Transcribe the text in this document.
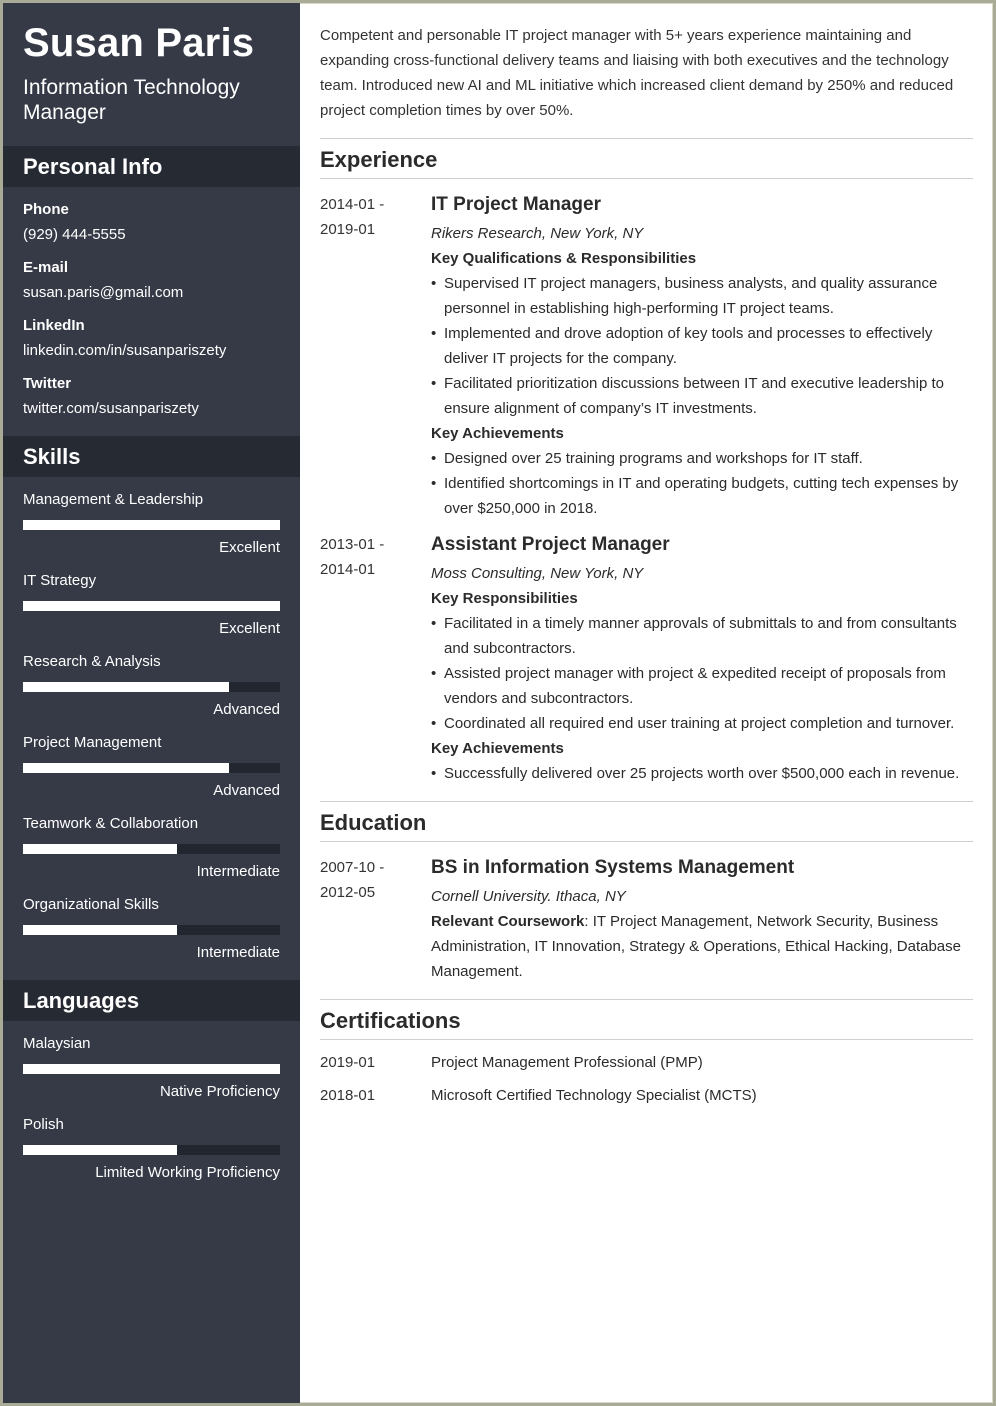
Susan Paris
Information Technology Manager
Personal Info
Phone
(929) 444-5555
E-mail
susan.paris@gmail.com
LinkedIn
linkedin.com/in/susanpariszety
Twitter
twitter.com/susanpariszety
Skills
Management & Leadership
Excellent
IT Strategy
Excellent
Research & Analysis
Advanced
Project Management
Advanced
Teamwork & Collaboration
Intermediate
Organizational Skills
Intermediate
Languages
Malaysian
Native Proficiency
Polish
Limited Working Proficiency
Competent and personable IT project manager with 5+ years experience maintaining and expanding cross-functional delivery teams and liaising with both executives and the technology team. Introduced new AI and ML initiative which increased client demand by 250% and reduced project completion times by over 50%.
Experience
2014-01 -
2019-01
IT Project Manager
Rikers Research, New York, NY
Key Qualifications & Responsibilities
• Supervised IT project managers, business analysts, and quality assurance personnel in establishing high-performing IT project teams.
• Implemented and drove adoption of key tools and processes to effectively deliver IT projects for the company.
• Facilitated prioritization discussions between IT and executive leadership to ensure alignment of company’s IT investments.
Key Achievements
• Designed over 25 training programs and workshops for IT staff.
• Identified shortcomings in IT and operating budgets, cutting tech expenses by over $250,000 in 2018.
2013-01 -
2014-01
Assistant Project Manager
Moss Consulting, New York, NY
Key Responsibilities
• Facilitated in a timely manner approvals of submittals to and from consultants and subcontractors.
• Assisted project manager with project & expedited receipt of proposals from vendors and subcontractors.
• Coordinated all required end user training at project completion and turnover.
Key Achievements
• Successfully delivered over 25 projects worth over $500,000 each in revenue.
Education
2007-10 -
2012-05
BS in Information Systems Management
Cornell University. Ithaca, NY
Relevant Coursework: IT Project Management, Network Security, Business Administration, IT Innovation, Strategy & Operations, Ethical Hacking, Database Management.
Certifications
2019-01	Project Management Professional (PMP)
2018-01	Microsoft Certified Technology Specialist (MCTS)
